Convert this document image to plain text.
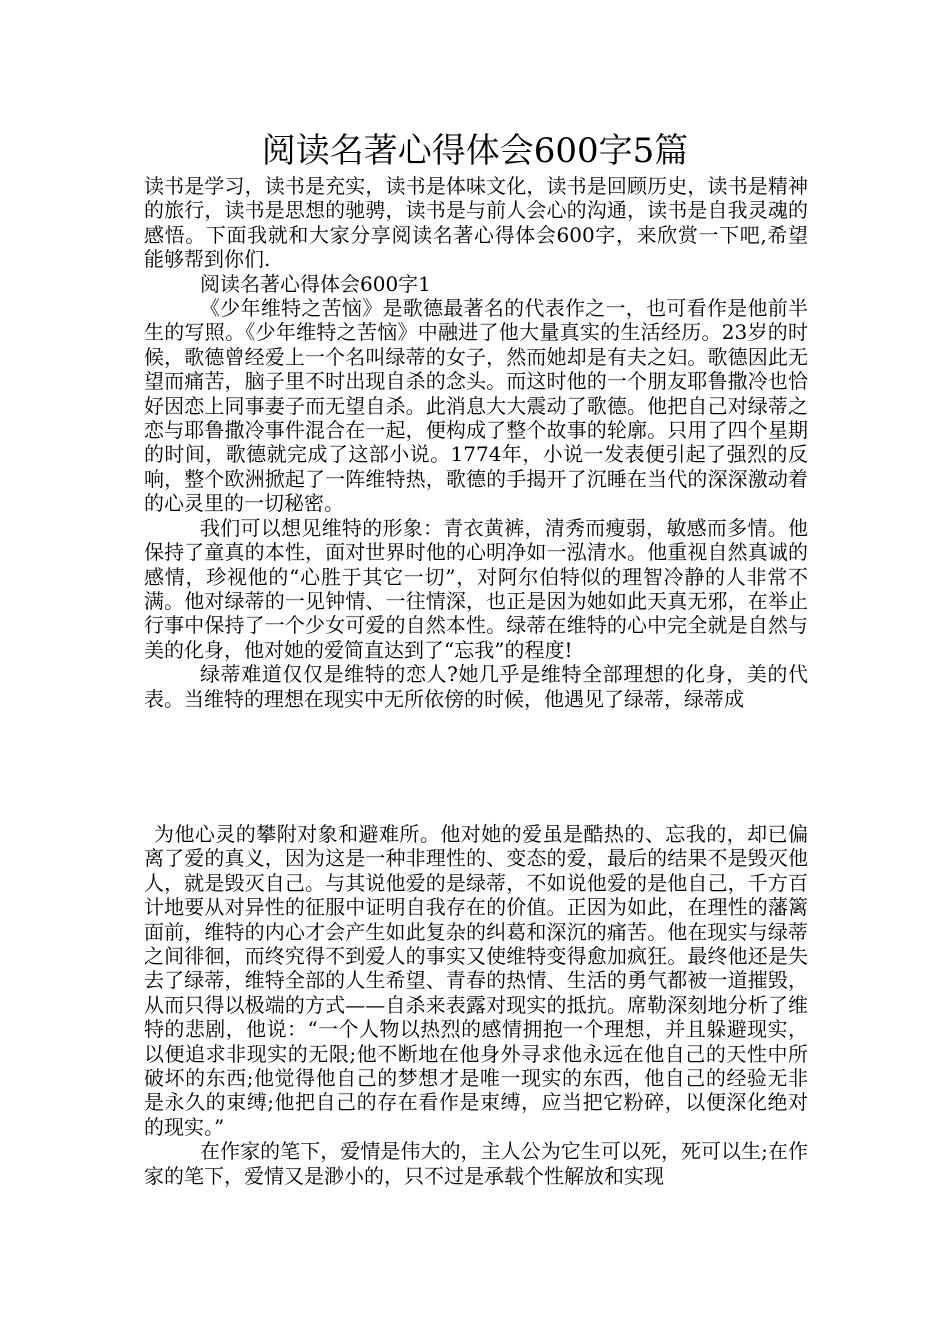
阅读名著心得体会600字5篇

读书是学习，读书是充实，读书是体味文化，读书是回顾历史，读书是精神的旅行，读书是思想的驰骋，读书是与前人会心的沟通，读书是自我灵魂的感悟。下面我就和大家分享阅读名著心得体会600字，来欣赏一下吧,希望能够帮到你们.

阅读名著心得体会600字1

《少年维特之苦恼》是歌德最著名的代表作之一，也可看作是他前半生的写照。《少年维特之苦恼》中融进了他大量真实的生活经历。23岁的时候，歌德曾经爱上一个名叫绿蒂的女子，然而她却是有夫之妇。歌德因此无望而痛苦，脑子里不时出现自杀的念头。而这时他的一个朋友耶鲁撒冷也恰好因恋上同事妻子而无望自杀。此消息大大震动了歌德。他把自己对绿蒂之恋与耶鲁撒冷事件混合在一起，便构成了整个故事的轮廓。只用了四个星期的时间，歌德就完成了这部小说。1774年，小说一发表便引起了强烈的反响，整个欧洲掀起了一阵维特热，歌德的手揭开了沉睡在当代的深深激动着的心灵里的一切秘密。

我们可以想见维特的形象：青衣黄裤，清秀而瘦弱，敏感而多情。他保持了童真的本性，面对世界时他的心明净如一泓清水。他重视自然真诚的感情，珍视他的“心胜于其它一切”，对阿尔伯特似的理智冷静的人非常不满。他对绿蒂的一见钟情、一往情深，也正是因为她如此天真无邪，在举止行事中保持了一个少女可爱的自然本性。绿蒂在维特的心中完全就是自然与美的化身，他对她的爱简直达到了“忘我”的程度!

绿蒂难道仅仅是维特的恋人?她几乎是维特全部理想的化身，美的代表。当维特的理想在现实中无所依傍的时候，他遇见了绿蒂，绿蒂成

为他心灵的攀附对象和避难所。他对她的爱虽是酷热的、忘我的，却已偏离了爱的真义，因为这是一种非理性的、变态的爱，最后的结果不是毁灭他人，就是毁灭自己。与其说他爱的是绿蒂，不如说他爱的是他自己，千方百计地要从对异性的征服中证明自我存在的价值。正因为如此，在理性的藩篱面前，维特的内心才会产生如此复杂的纠葛和深沉的痛苦。他在现实与绿蒂之间徘徊，而终究得不到爱人的事实又使维特变得愈加疯狂。最终他还是失去了绿蒂，维特全部的人生希望、青春的热情、生活的勇气都被一道摧毁，从而只得以极端的方式——自杀来表露对现实的抵抗。席勒深刻地分析了维特的悲剧，他说：“一个人物以热烈的感情拥抱一个理想，并且躲避现实，以便追求非现实的无限;他不断地在他身外寻求他永远在他自己的天性中所破坏的东西;他觉得他自己的梦想才是唯一现实的东西，他自己的经验无非是永久的束缚;他把自己的存在看作是束缚，应当把它粉碎，以便深化绝对的现实。”

在作家的笔下，爱情是伟大的，主人公为它生可以死，死可以生;在作家的笔下，爱情又是渺小的，只不过是承载个性解放和实现
